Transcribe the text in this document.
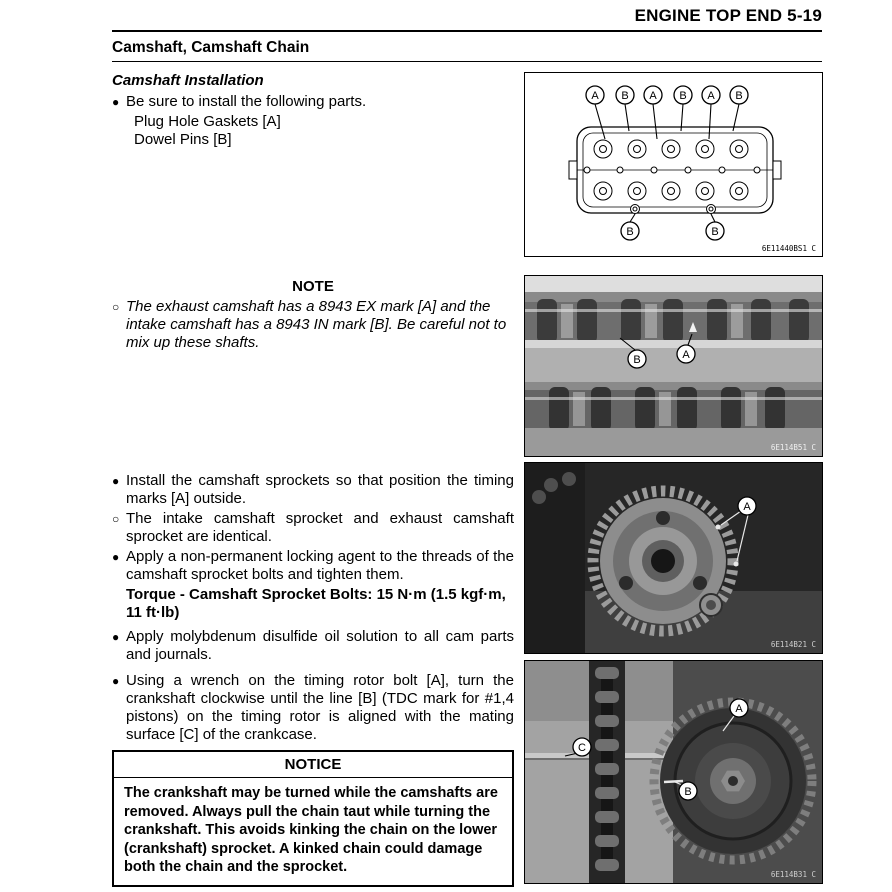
ENGINE TOP END 5-19
Camshaft, Camshaft Chain
Camshaft Installation
● Be sure to install the following parts.
Plug Hole Gaskets [A]
Dowel Pins [B]
NOTE
○ The exhaust camshaft has a 8943 EX mark [A] and the intake camshaft has a 8943 IN mark [B]. Be careful not to mix up these shafts.
● Install the camshaft sprockets so that position the timing marks [A] outside.
○ The intake camshaft sprocket and exhaust camshaft sprocket are identical.
● Apply a non-permanent locking agent to the threads of the camshaft sprocket bolts and tighten them.
Torque - Camshaft Sprocket Bolts: 15 N·m (1.5 kgf·m, 11 ft·lb)
● Apply molybdenum disulfide oil solution to all cam parts and journals.
● Using a wrench on the timing rotor bolt [A], turn the crankshaft clockwise until the line [B] (TDC mark for #1,4 pistons) on the timing rotor is aligned with the mating surface [C] of the crankcase.
NOTICE
The crankshaft may be turned while the camshafts are removed. Always pull the chain taut while turning the crankshaft. This avoids kinking the chain on the lower (crankshaft) sprocket. A kinked chain could damage both the chain and the sprocket.
A B A B A B
B	B
6E11440BS1 C
B	A
6E114B51 C
A
6E114B21 C
A
B
C
6E114B31 C
